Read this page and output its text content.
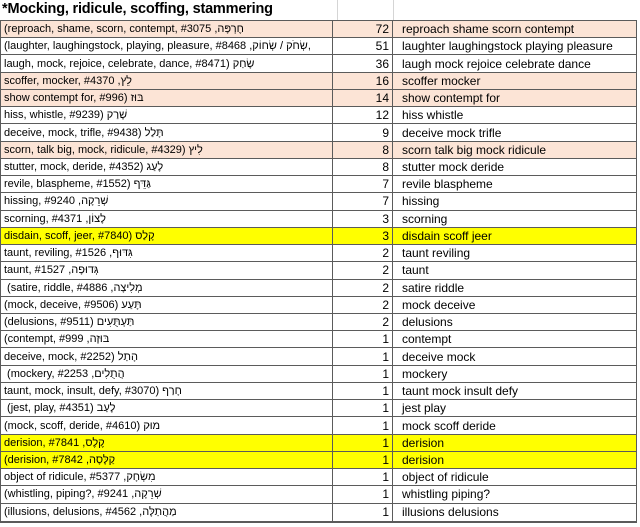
*Mocking, ridicule, scoffing, stammering
(reproach, shame, scorn, contempt, #3075 ,חֶרְפָּה	72	reproach shame scorn contempt
(laughter, laughingstock, playing, pleasure, #8468 ,שְׂחֹק / שְׂחוֹק,	51	laughter laughingstock playing pleasure
laugh, mock, rejoice, celebrate, dance, #8471) שָׂחַק	36	laugh mock rejoice celebrate dance
scoffer, mocker, #4370 ,לֵץ	16	scoffer mocker
show contempt for, #996) בּוּז	14	show contempt for
hiss, whistle, #9239) שָׁרַק	12	hiss whistle
deceive, mock, trifle, #9438) תָּלַל	9	deceive mock trifle
scorn, talk big, mock, ridicule, #4329) לִיץ	8	scorn talk big mock ridicule
stutter, mock, deride, #4352) לָעַג	8	stutter mock deride
revile, blaspheme, #1552) גַּדֵּף	7	revile blaspheme
hissing, #9240 ,שְׁרֵקָה	7	hissing
scorning, #4371 ,לָצוֹן	3	scorning
disdain, scoff, jeer, #7840) קָלַס	3	disdain scoff jeer
taunt, reviling, #1526 ,גִּדּוּף	2	taunt reviling
taunt, #1527 ,גְּדוּפָה	2	taunt
(satire, riddle, #4886 ,מְלִיצָה	2	satire riddle
(mock, deceive, #9506) תָּעַע	2	mock deceive
(delusions, #9511) תַּעְתֻּעִים	2	delusions
(contempt, #999 ,בּוּזָה	1	contempt
deceive, mock, #2252) הָתַל	1	deceive mock
(mockery, #2253 ,הֲתֻלִים	1	mockery
taunt, mock, insult, defy, #3070) חָרַף	1	taunt mock insult defy
(jest, play, #4351) לָעַב	1	jest play
(mock, scoff, deride, #4610) מוּק	1	mock scoff deride
derision, #7841 ,קֶלֶס	1	derision
(derision, #7842 ,קַלָּסָה	1	derision
object of ridicule, #5377 ,מִשְׂחָק	1	object of ridicule
(whistling, piping?, #9241 ,שְׁרֵקָה	1	whistling piping?
(illusions, delusions, #4562 ,מַהֲתַלָּה	1	illusions delusions
